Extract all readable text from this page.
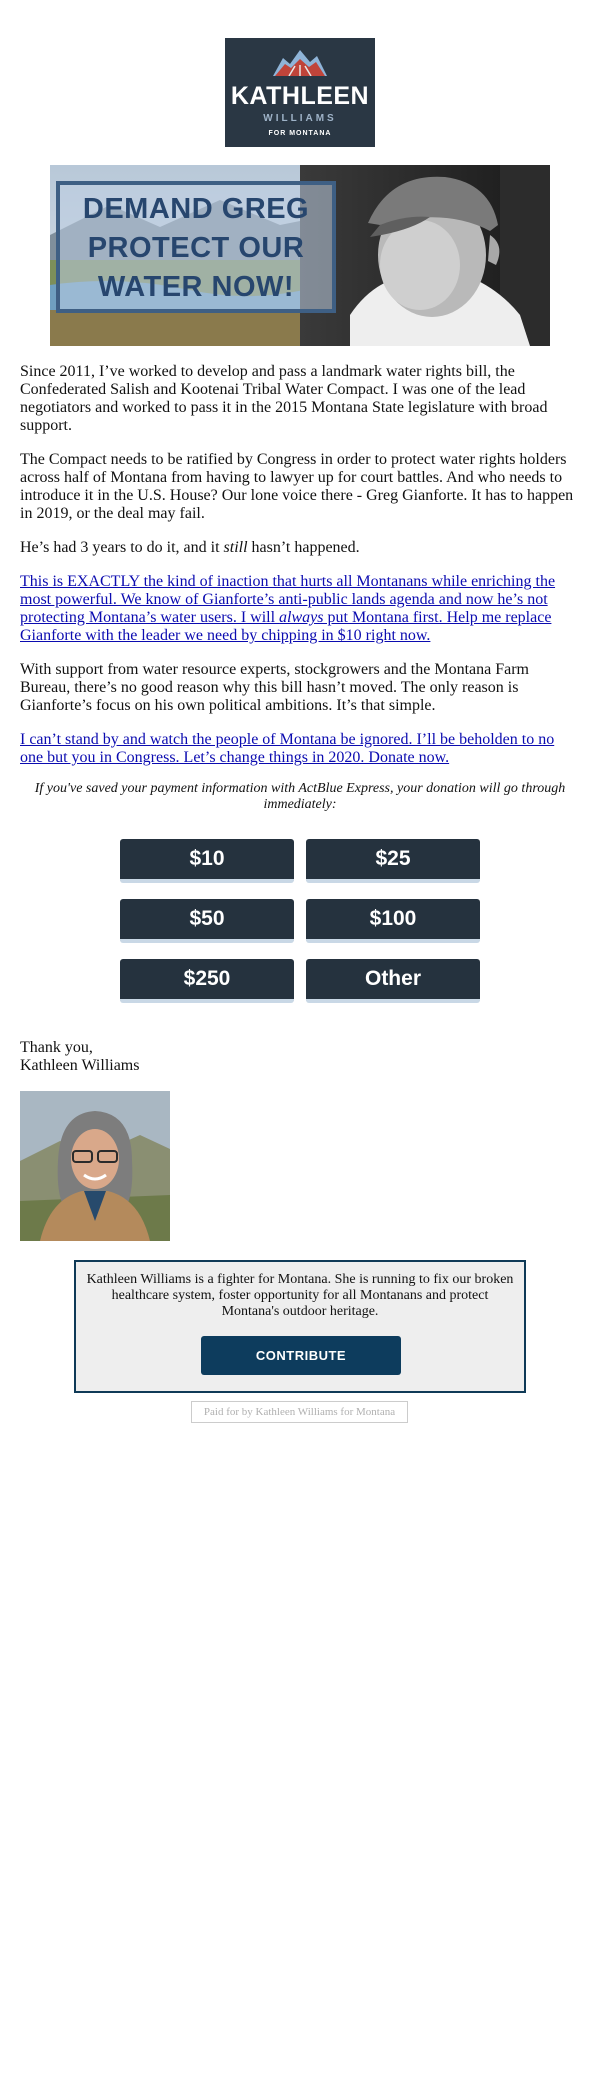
KATHLEEN
WILLIAMS
FOR MONTANA
DEMAND GREG
PROTECT OUR
WATER NOW!

Since 2011, I’ve worked to develop and pass a landmark water rights bill, the Confederated Salish and Kootenai Tribal Water Compact. I was one of the lead negotiators and worked to pass it in the 2015 Montana State legislature with broad support.

The Compact needs to be ratified by Congress in order to protect water rights holders across half of Montana from having to lawyer up for court battles. And who needs to introduce it in the U.S. House? Our lone voice there - Greg Gianforte. It has to happen in 2019, or the deal may fail.

He’s had 3 years to do it, and it still hasn’t happened.

This is EXACTLY the kind of inaction that hurts all Montanans while enriching the most powerful. We know of Gianforte’s anti-public lands agenda and now he’s not protecting Montana’s water users. I will always put Montana first. Help me replace Gianforte with the leader we need by chipping in $10 right now.

With support from water resource experts, stockgrowers and the Montana Farm Bureau, there’s no good reason why this bill hasn’t moved. The only reason is Gianforte’s focus on his own political ambitions. It’s that simple.

I can’t stand by and watch the people of Montana be ignored. I’ll be beholden to no one but you in Congress. Let’s change things in 2020. Donate now.

If you've saved your payment information with ActBlue Express, your donation will go through immediately:
$10	$25
$50	$100
$250	Other
Thank you,
Kathleen Williams
Kathleen Williams is a fighter for Montana. She is running to fix our broken healthcare system, foster opportunity for all Montanans and protect Montana's outdoor heritage.
CONTRIBUTE
Paid for by Kathleen Williams for Montana
